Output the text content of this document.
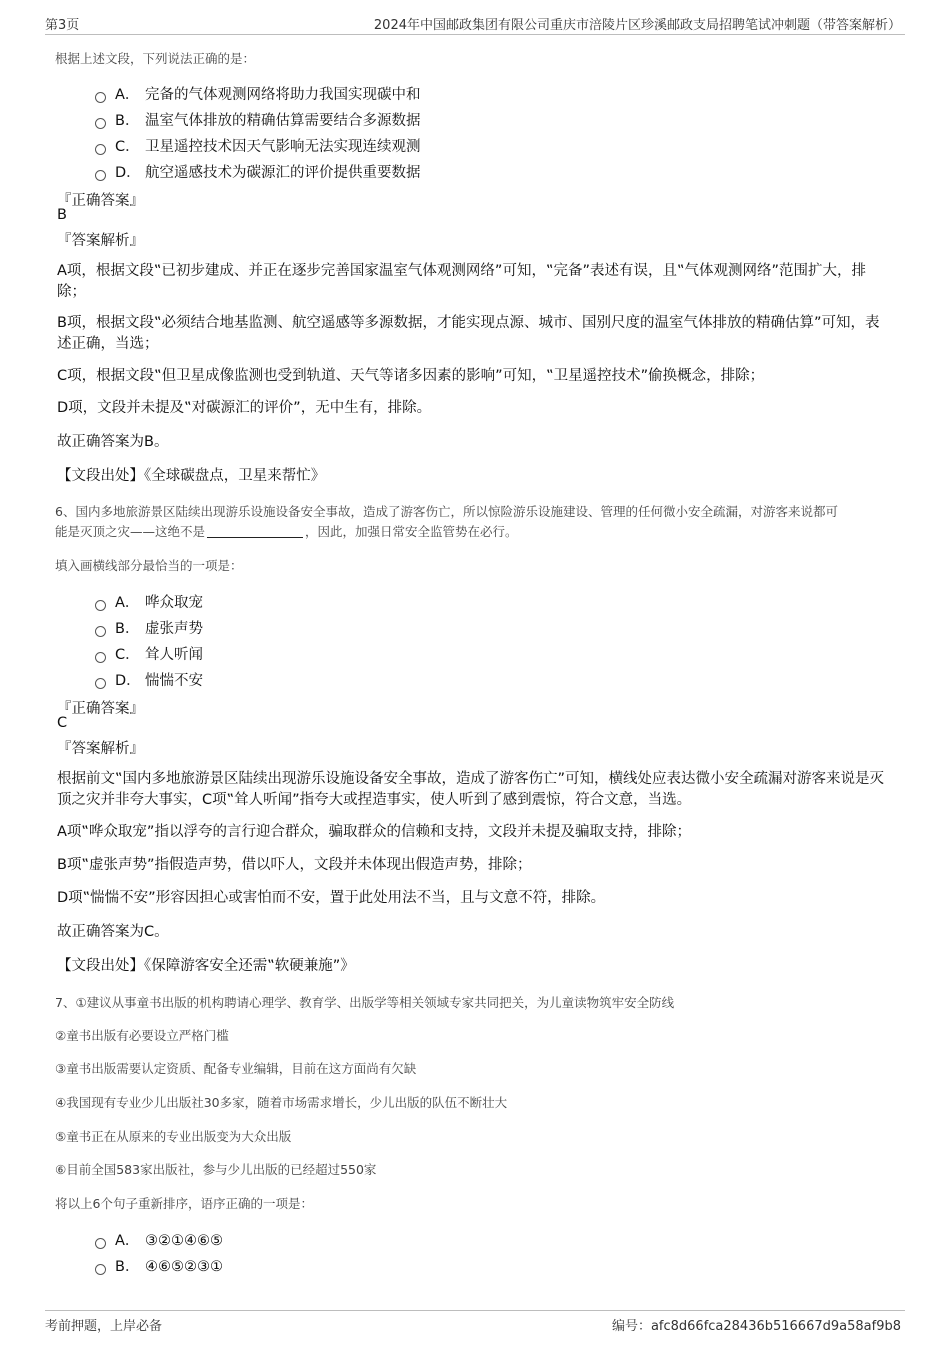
第3页	2024年中国邮政集团有限公司重庆市涪陵片区珍溪邮政支局招聘笔试冲刺题（带答案解析）
根据上述文段，下列说法正确的是：
A． 完备的气体观测网络将助力我国实现碳中和
B． 温室气体排放的精确估算需要结合多源数据
C． 卫星遥控技术因天气影响无法实现连续观测
D． 航空遥感技术为碳源汇的评价提供重要数据
『正确答案』
B
『答案解析』
A项，根据文段‟已初步建成、并正在逐步完善国家温室气体观测网络”可知，‟完备”表述有误，且‟气体观测网络”范围扩大，排除；
B项，根据文段‟必须结合地基监测、航空遥感等多源数据，才能实现点源、城市、国别尺度的温室气体排放的精确估算”可知，表述正确，当选；
C项，根据文段‟但卫星成像监测也受到轨道、天气等诸多因素的影响”可知，‟卫星遥控技术”偷换概念，排除；
D项，文段并未提及‟对碳源汇的评价”，无中生有，排除。
故正确答案为B。
【文段出处】《全球碳盘点，卫星来帮忙》
6、国内多地旅游景区陆续出现游乐设施设备安全事故，造成了游客伤亡，所以惊险游乐设施建设、管理的任何微小安全疏漏，对游客来说都可
能是灭顶之灾——这绝不是	，因此，加强日常安全监管势在必行。
填入画横线部分最恰当的一项是：
A． 哗众取宠
B． 虚张声势
C． 耸人听闻
D． 惴惴不安
『正确答案』
C
『答案解析』
根据前文‟国内多地旅游景区陆续出现游乐设施设备安全事故，造成了游客伤亡”可知，横线处应表达微小安全疏漏对游客来说是灭顶之灾并非夸大事实，C项‟耸人听闻”指夸大或捏造事实，使人听到了感到震惊，符合文意，当选。
A项‟哗众取宠”指以浮夸的言行迎合群众，骗取群众的信赖和支持，文段并未提及骗取支持，排除；
B项‟虚张声势”指假造声势，借以吓人，文段并未体现出假造声势，排除；
D项‟惴惴不安”形容因担心或害怕而不安，置于此处用法不当，且与文意不符，排除。
故正确答案为C。
【文段出处】《保障游客安全还需‟软硬兼施”》
7、①建议从事童书出版的机构聘请心理学、教育学、出版学等相关领域专家共同把关，为儿童读物筑牢安全防线
②童书出版有必要设立严格门槛
③童书出版需要认定资质、配备专业编辑，目前在这方面尚有欠缺
④我国现有专业少儿出版社30多家，随着市场需求增长，少儿出版的队伍不断壮大
⑤童书正在从原来的专业出版变为大众出版
⑥目前全国583家出版社，参与少儿出版的已经超过550家
将以上6个句子重新排序，语序正确的一项是：
A． ③②①④⑥⑤
B． ④⑥⑤②③①
考前押题，上岸必备	编号：afc8d66fca28436b516667d9a58af9b8
